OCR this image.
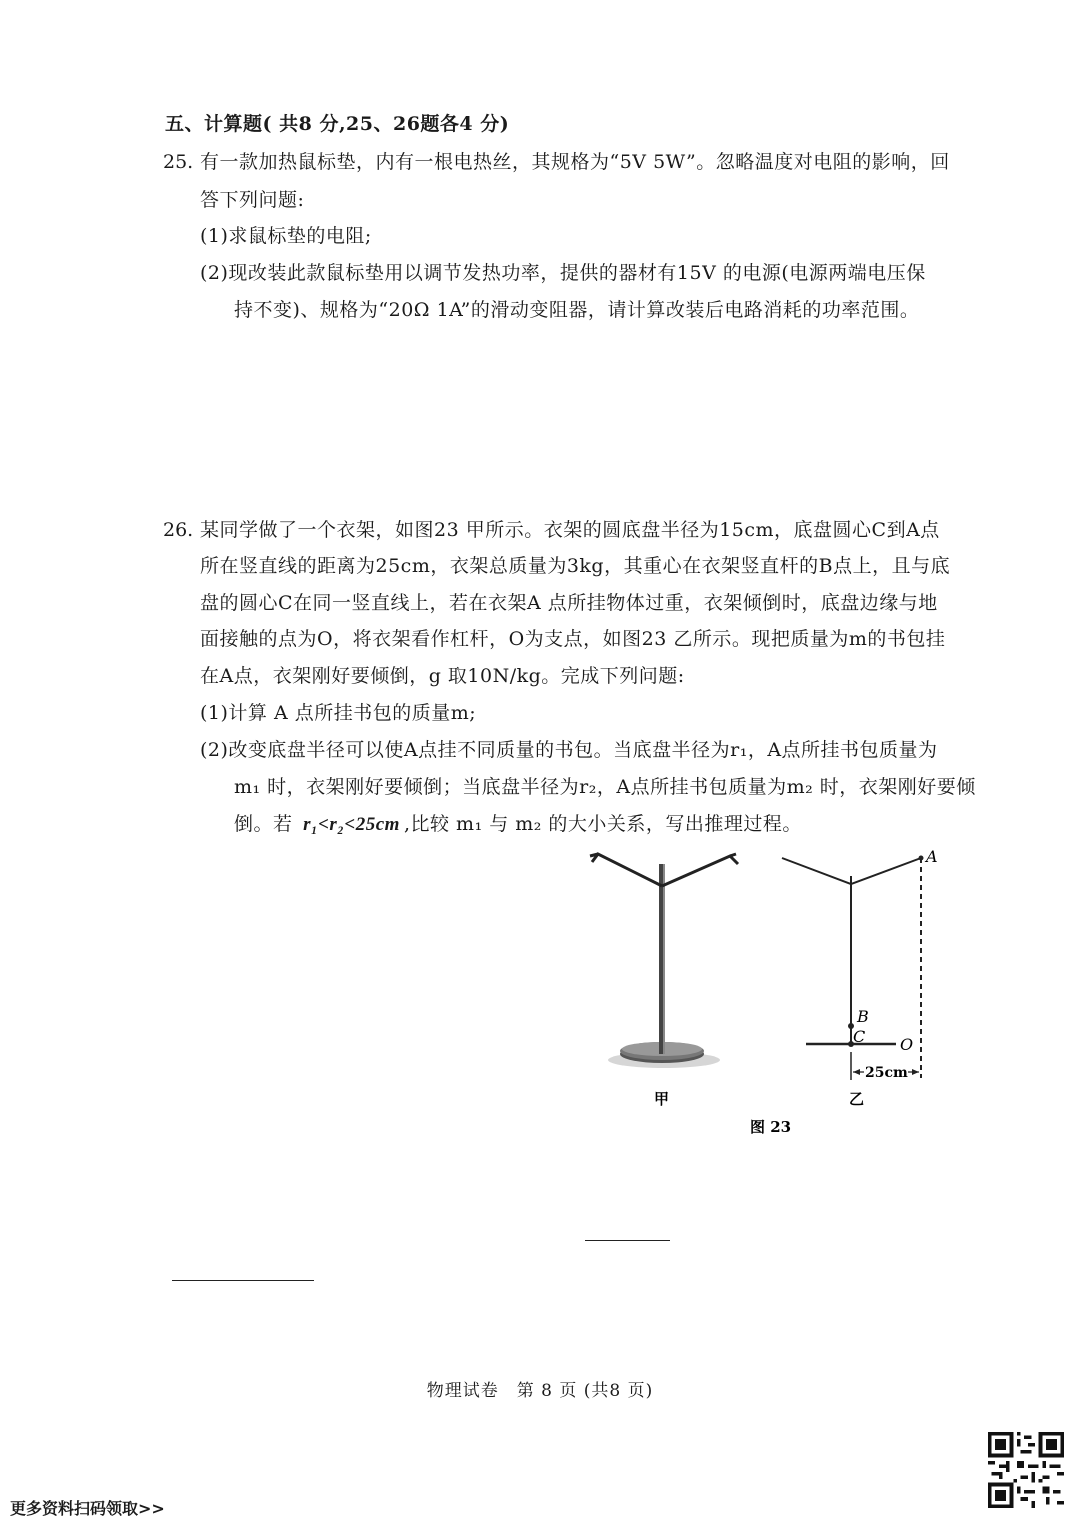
五、计算题( 共8 分,25、26题各4 分)
25. 有一款加热鼠标垫，内有一根电热丝，其规格为“5V 5W”。忽略温度对电阻的影响，回
答下列问题:
(1)求鼠标垫的电阻;
(2)现改装此款鼠标垫用以调节发热功率，提供的器材有15V 的电源(电源两端电压保
持不变)、规格为“20Ω 1A”的滑动变阻器，请计算改装后电路消耗的功率范围。
26. 某同学做了一个衣架，如图23 甲所示。衣架的圆底盘半径为15cm，底盘圆心C到A点
所在竖直线的距离为25cm，衣架总质量为3kg，其重心在衣架竖直杆的B点上，且与底
盘的圆心C在同一竖直线上，若在衣架A 点所挂物体过重，衣架倾倒时，底盘边缘与地
面接触的点为O，将衣架看作杠杆，O为支点，如图23 乙所示。现把质量为m的书包挂
在A点，衣架刚好要倾倒，g 取10N/kg。完成下列问题:
(1)计算 A 点所挂书包的质量m;
(2)改变底盘半径可以使A点挂不同质量的书包。当底盘半径为r₁，A点所挂书包质量为
m₁ 时，衣架刚好要倾倒；当底盘半径为r₂，A点所挂书包质量为m₂ 时，衣架刚好要倾
倒。若 r₁<r₂<25cm ,比较 m₁ 与 m₂ 的大小关系，写出推理过程。
A
B
C O
25cm
甲	乙
图 23
物理试卷　第 8 页 (共8 页)
更多资料扫码领取>>
